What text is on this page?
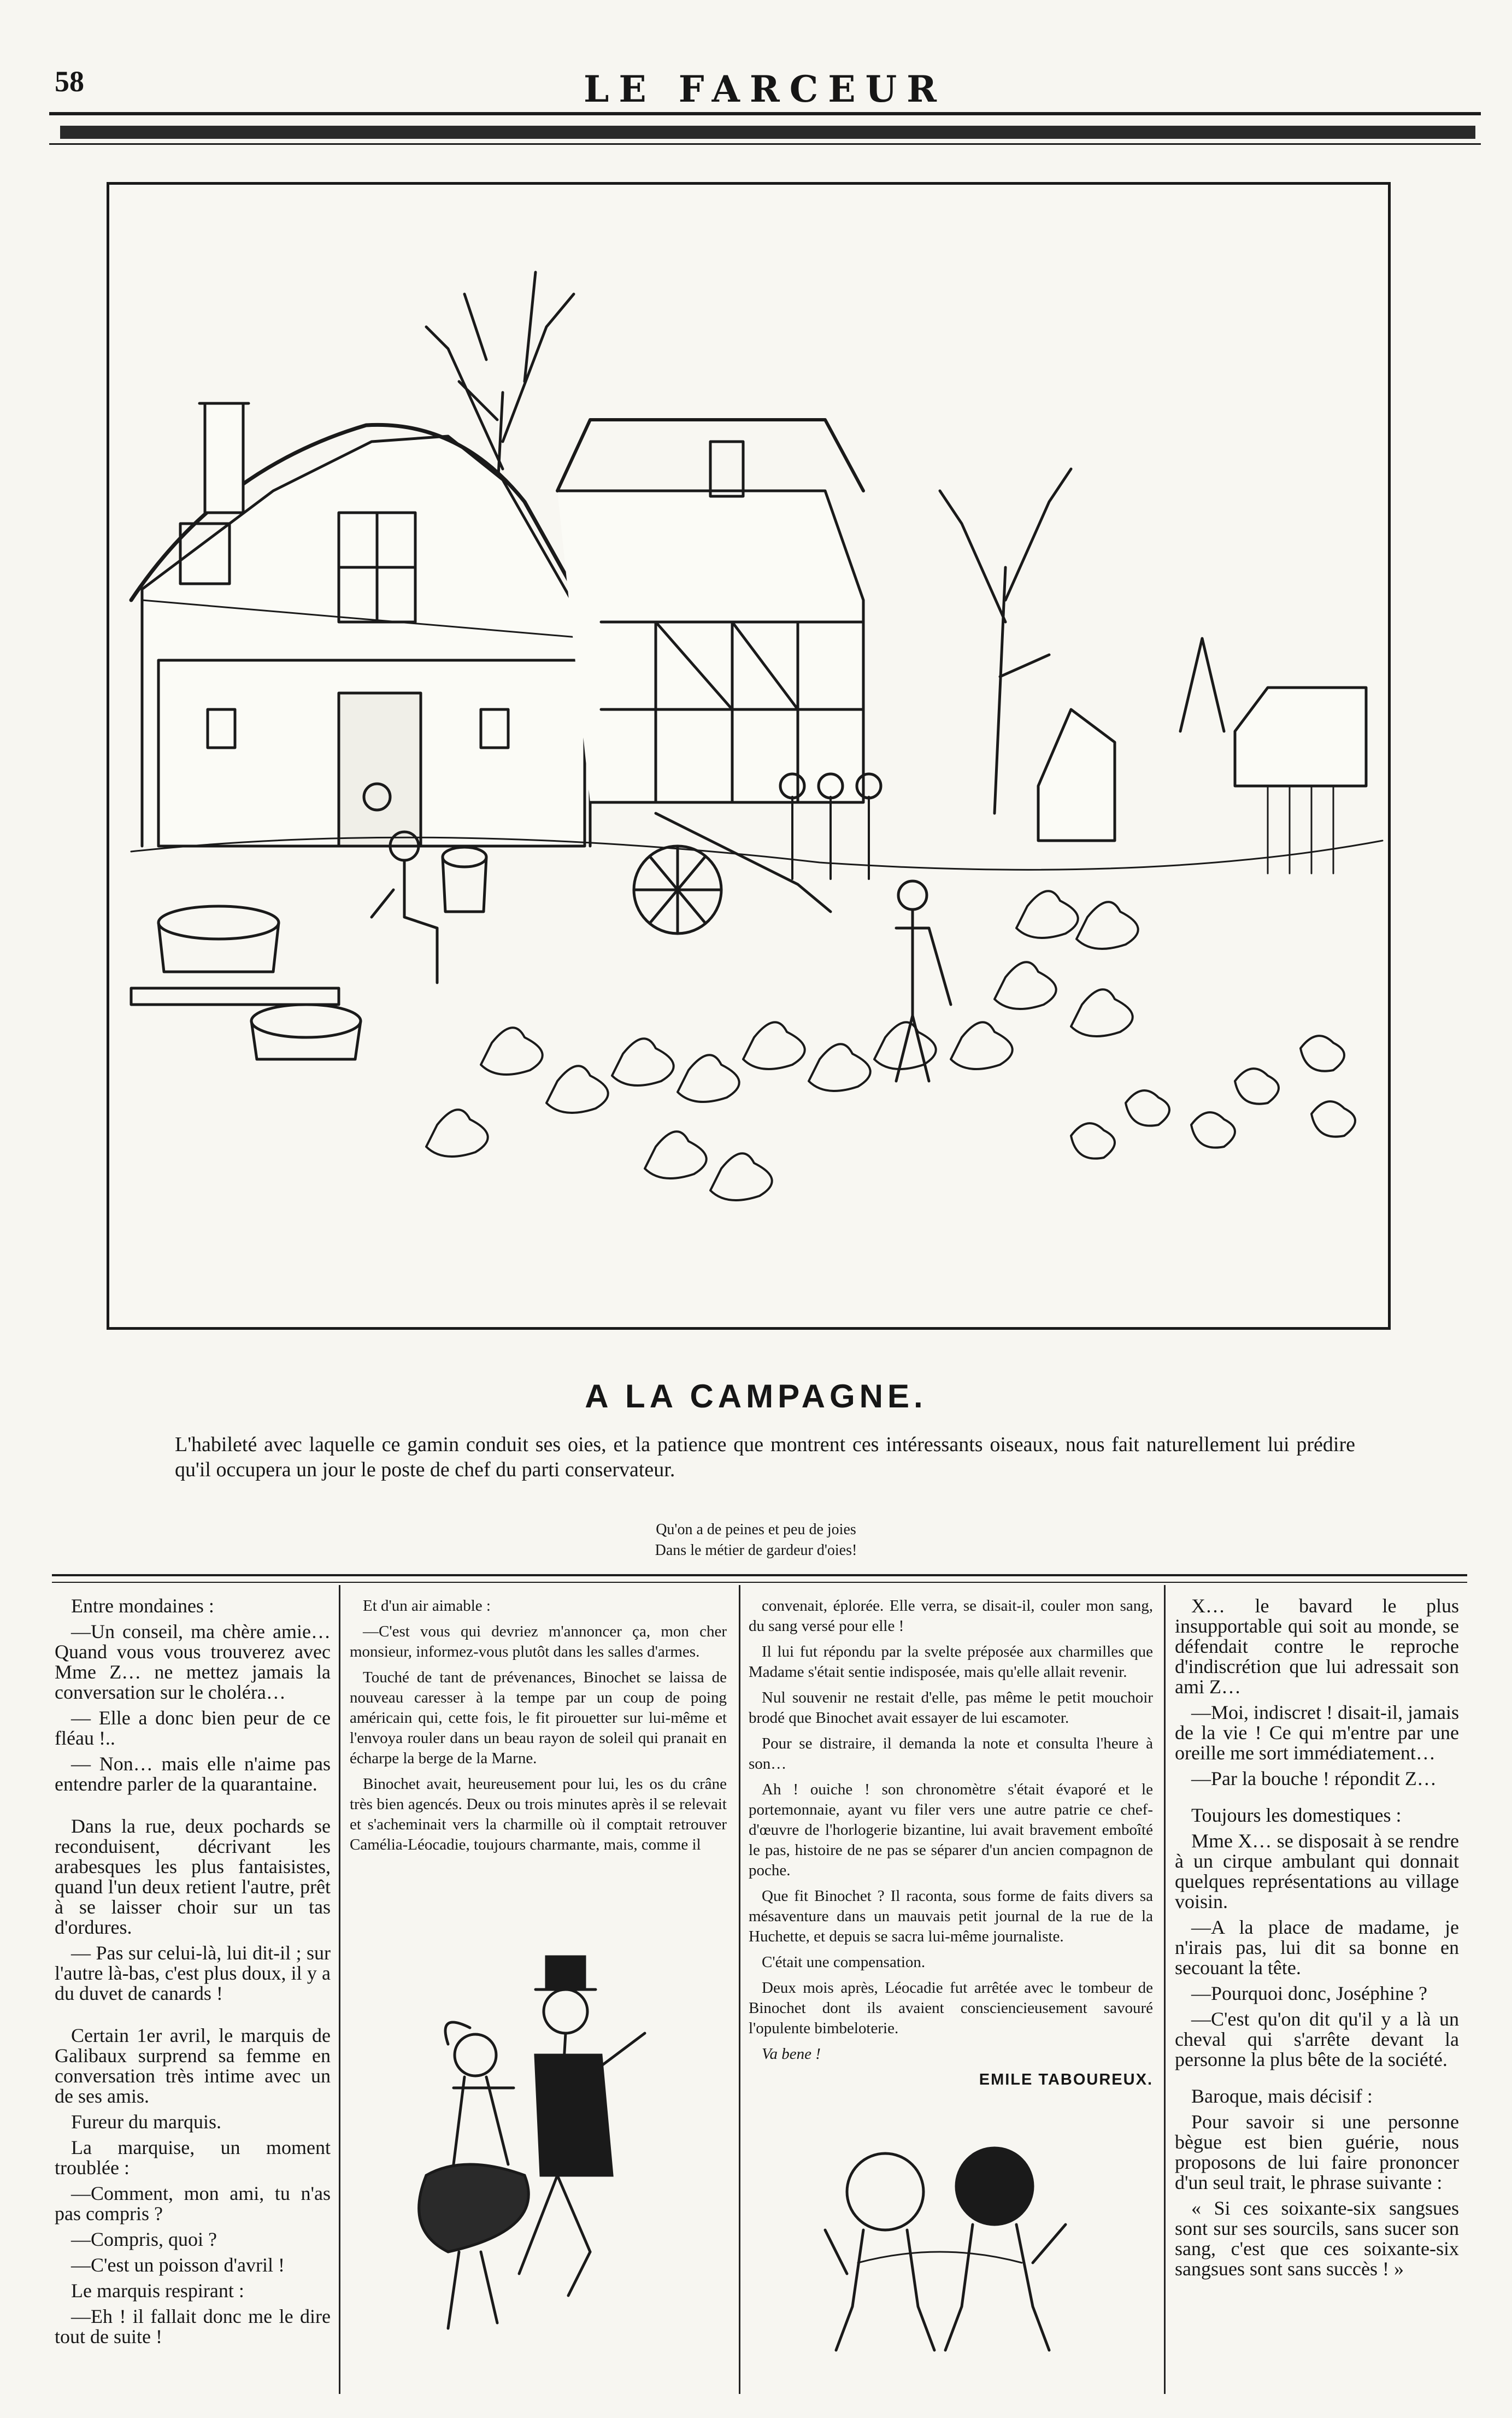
58	LE FARCEUR
A LA CAMPAGNE.
L'habileté avec laquelle ce gamin conduit ses oies, et la patience que montrent ces intéressants oiseaux, nous fait naturellement lui prédire qu'il occupera un jour le poste de chef du parti conservateur.
Qu'on a de peines et peu de joies
Dans le métier de gardeur d'oies!

Entre mondaines :

—Un conseil, ma chère amie… Quand vous vous trouverez avec Mme Z… ne mettez jamais la conversation sur le choléra…

— Elle a donc bien peur de ce fléau !..

— Non… mais elle n'aime pas entendre parler de la quarantaine.

Dans la rue, deux pochards se reconduisent, décrivant les arabesques les plus fantaisistes, quand l'un deux retient l'autre, prêt à se laisser choir sur un tas d'ordures.

— Pas sur celui-là, lui dit-il ; sur l'autre là-bas, c'est plus doux, il y a du duvet de canards !

Certain 1er avril, le marquis de Galibaux surprend sa femme en conversation très intime avec un de ses amis.

Fureur du marquis.

La marquise, un moment troublée :

—Comment, mon ami, tu n'as pas compris ?

—Compris, quoi ?

—C'est un poisson d'avril !

Le marquis respirant :

—Eh ! il fallait donc me le dire tout de suite !

Et d'un air aimable :

—C'est vous qui devriez m'annoncer ça, mon cher monsieur, informez-vous plutôt dans les salles d'armes.

Touché de tant de prévenances, Binochet se laissa de nouveau caresser à la tempe par un coup de poing américain qui, cette fois, le fit pirouetter sur lui-même et l'envoya rouler dans un beau rayon de soleil qui pranait en écharpe la berge de la Marne.

Binochet avait, heureusement pour lui, les os du crâne très bien agencés. Deux ou trois minutes après il se relevait et s'acheminait vers la charmille où il comptait retrouver Camélia-Léocadie, toujours charmante, mais, comme il

convenait, éplorée. Elle verra, se disait-il, couler mon sang, du sang versé pour elle !

Il lui fut répondu par la svelte préposée aux charmilles que Madame s'était sentie indisposée, mais qu'elle allait revenir.

Nul souvenir ne restait d'elle, pas même le petit mouchoir brodé que Binochet avait essayer de lui escamoter.

Pour se distraire, il demanda la note et consulta l'heure à son…

Ah ! ouiche ! son chronomètre s'était évaporé et le portemonnaie, ayant vu filer vers une autre patrie ce chef-d'œuvre de l'horlogerie bizantine, lui avait bravement emboîté le pas, histoire de ne pas se séparer d'un ancien compagnon de poche.

Que fit Binochet ? Il raconta, sous forme de faits divers sa mésaventure dans un mauvais petit journal de la rue de la Huchette, et depuis se sacra lui-même journaliste.

C'était une compensation.

Deux mois après, Léocadie fut arrêtée avec le tombeur de Binochet dont ils avaient consciencieusement savouré l'opulente bimbeloterie.

Va bene !

EMILE TABOUREUX.

X… le bavard le plus insupportable qui soit au monde, se défendait contre le reproche d'indiscrétion que lui adressait son ami Z…

—Moi, indiscret ! disait-il, jamais de la vie ! Ce qui m'entre par une oreille me sort immédiatement…

—Par la bouche ! répondit Z…

Toujours les domestiques :

Mme X… se disposait à se rendre à un cirque ambulant qui donnait quelques représentations au village voisin.

—A la place de madame, je n'irais pas, lui dit sa bonne en secouant la tête.

—Pourquoi donc, Joséphine ?

—C'est qu'on dit qu'il y a là un cheval qui s'arrête devant la personne la plus bête de la société.

Baroque, mais décisif :

Pour savoir si une personne bègue est bien guérie, nous proposons de lui faire prononcer d'un seul trait, le phrase suivante :

« Si ces soixante-six sangsues sont sur ses sourcils, sans sucer son sang, c'est que ces soixante-six sangsues sont sans succès ! »
